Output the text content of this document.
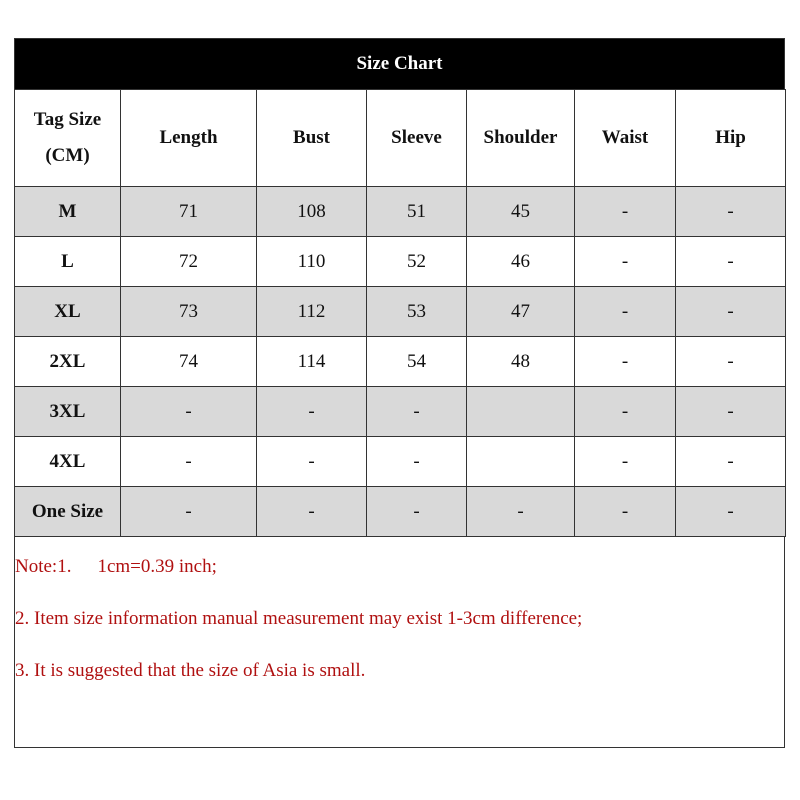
Size Chart
Tag Size
(CM)	Length	Bust	Sleeve	Shoulder	Waist	Hip
M	71	108	51	45	-	-
L	72	110	52	46	-	-
XL	73	112	53	47	-	-
2XL	74	114	54	48	-	-
3XL	-	-	-		-	-
4XL	-	-	-		-	-
One Size	-	-	-	-	-	-
Note:1. 1cm=0.39 inch;
2. Item size information manual measurement may exist 1-3cm difference;
3. It is suggested that the size of Asia is small.
